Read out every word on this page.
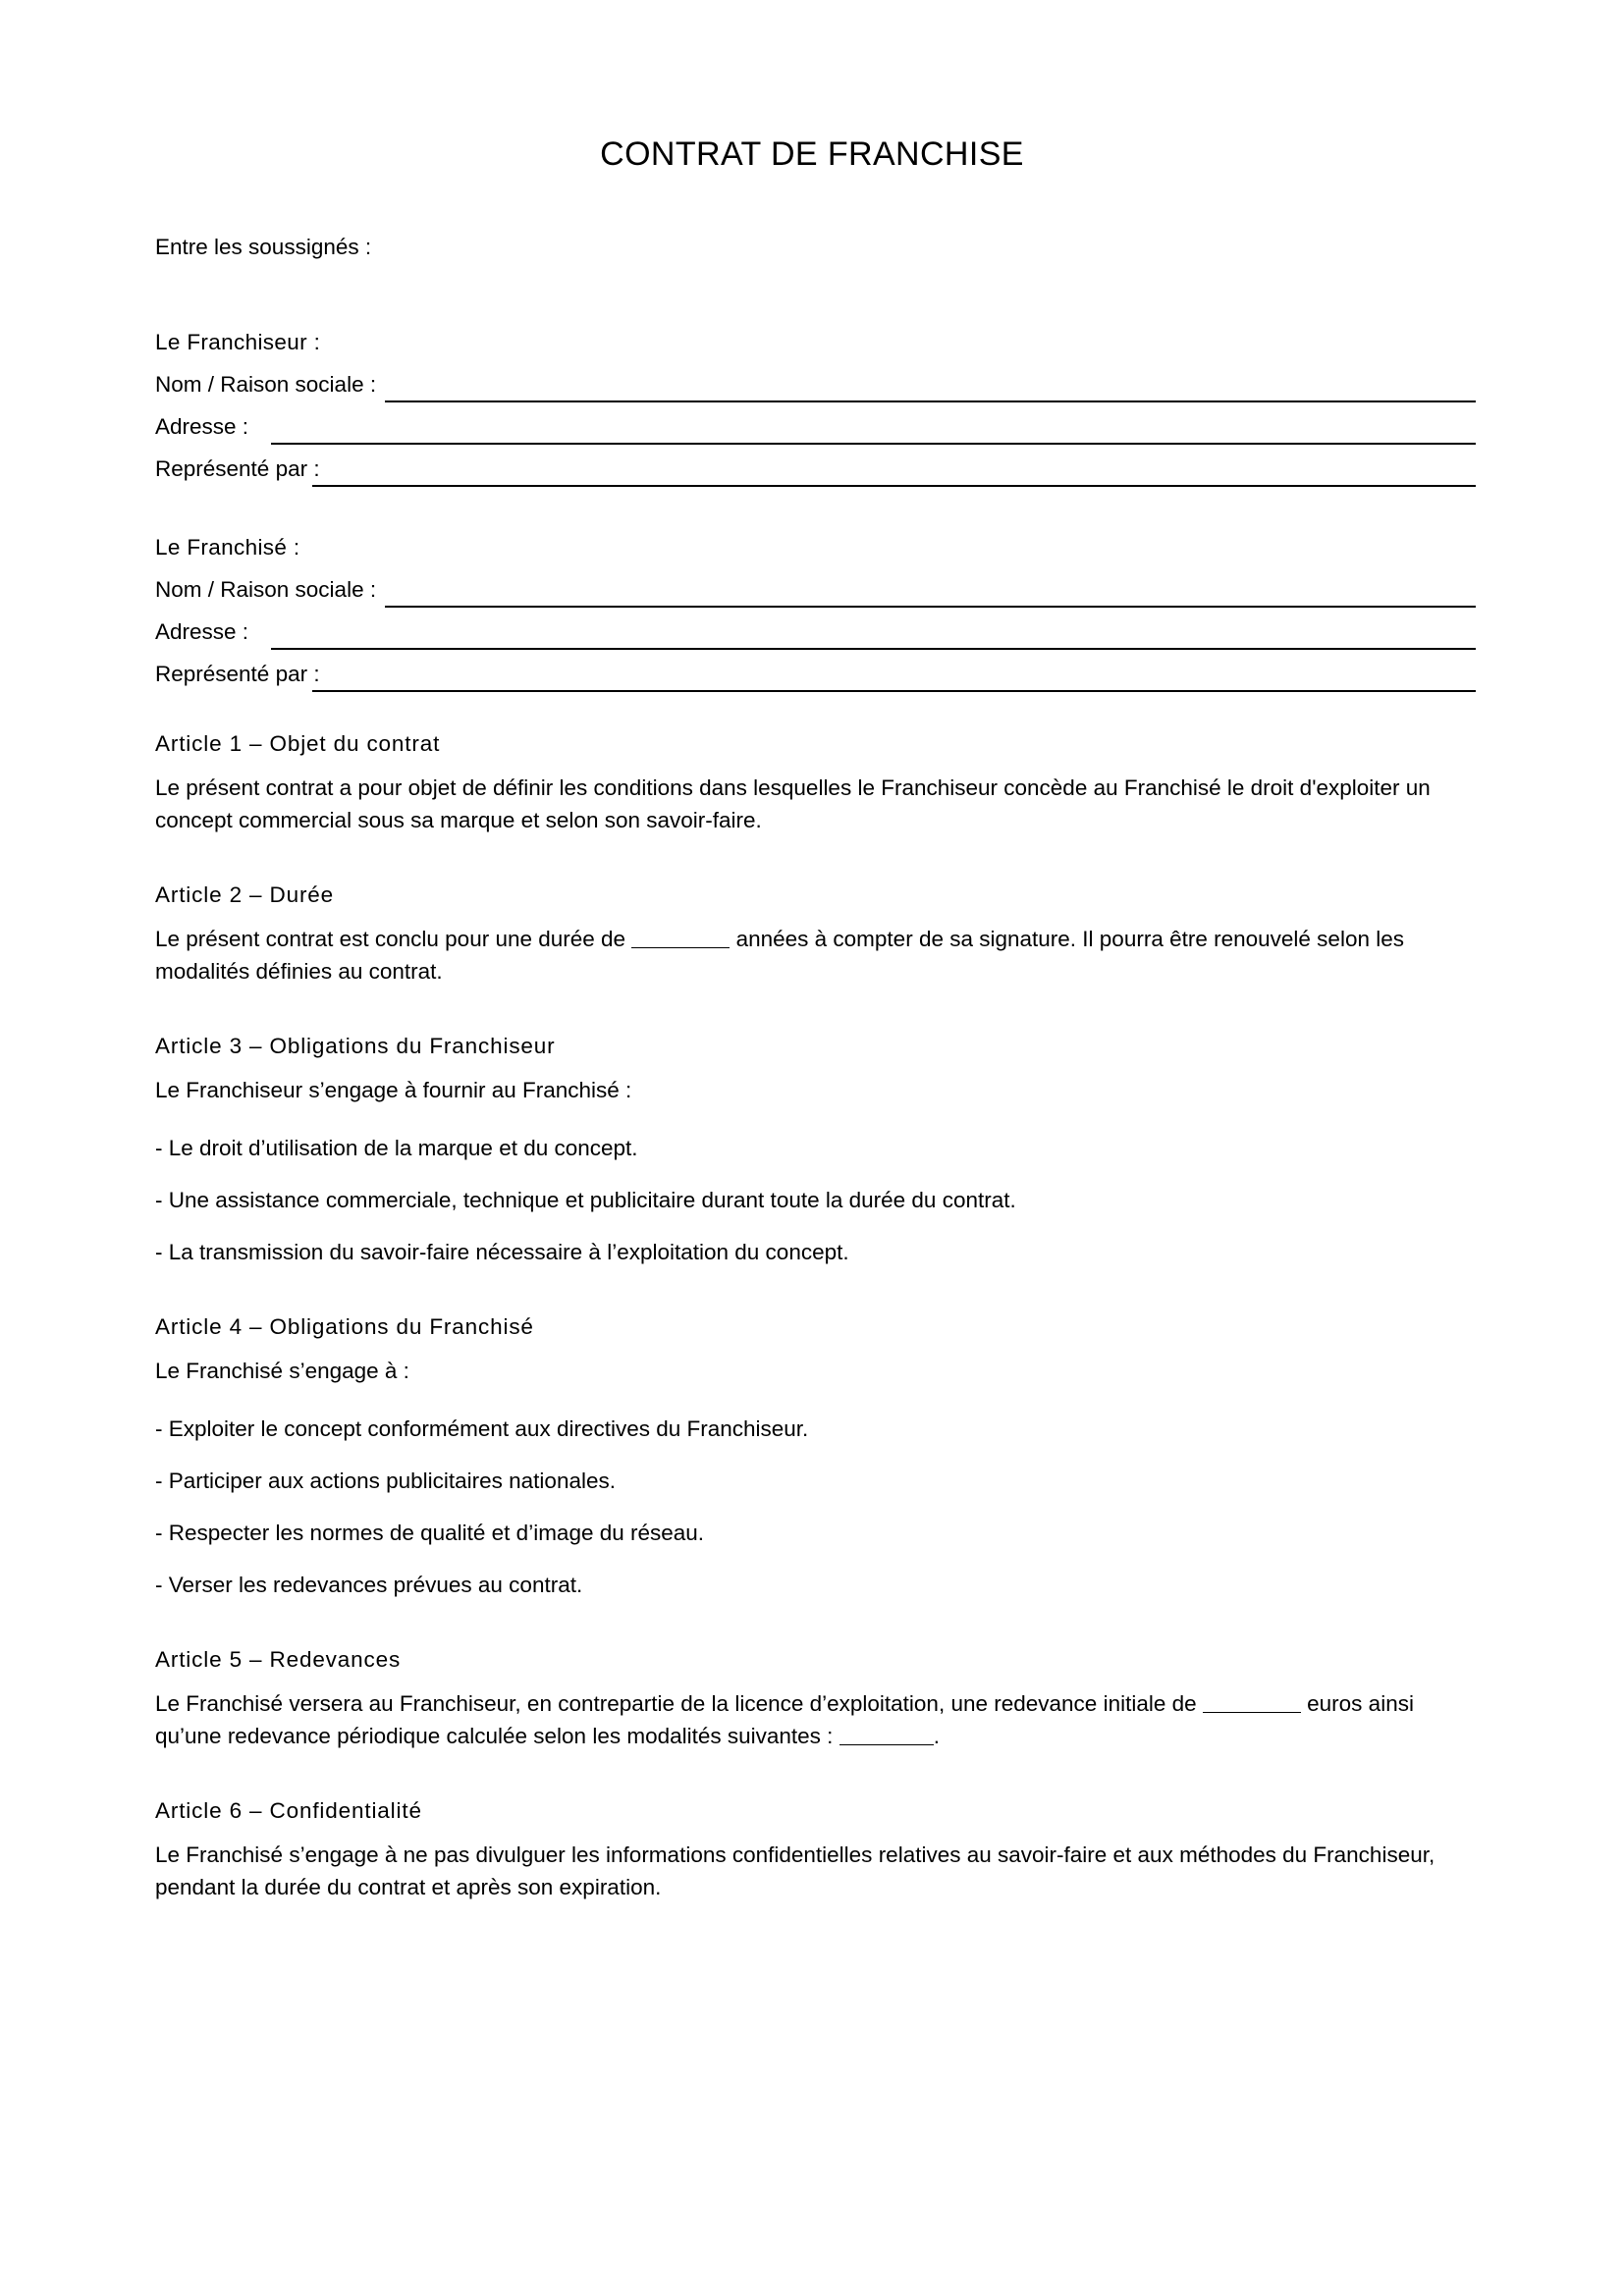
CONTRAT DE FRANCHISE

Entre les soussignés :

Le Franchiseur :
Nom / Raison sociale :
Adresse :
Représenté par :
Le Franchisé :
Nom / Raison sociale :
Adresse :
Représenté par :
Article 1 – Objet du contrat

Le présent contrat a pour objet de définir les conditions dans lesquelles le Franchiseur concède au Franchisé le droit d'exploiter un concept commercial sous sa marque et selon son savoir-faire.

Article 2 – Durée

Le présent contrat est conclu pour une durée de	années à compter de sa signature. Il pourra être renouvelé selon les modalités définies au contrat.

Article 3 – Obligations du Franchiseur

Le Franchiseur s’engage à fournir au Franchisé :

- Le droit d’utilisation de la marque et du concept.

- Une assistance commerciale, technique et publicitaire durant toute la durée du contrat.

- La transmission du savoir-faire nécessaire à l’exploitation du concept.

Article 4 – Obligations du Franchisé

Le Franchisé s’engage à :

- Exploiter le concept conformément aux directives du Franchiseur.

- Participer aux actions publicitaires nationales.

- Respecter les normes de qualité et d’image du réseau.

- Verser les redevances prévues au contrat.

Article 5 – Redevances

Le Franchisé versera au Franchiseur, en contrepartie de la licence d’exploitation, une redevance initiale de	euros ainsi qu’une redevance périodique calculée selon les modalités suivantes :	.

Article 6 – Confidentialité

Le Franchisé s’engage à ne pas divulguer les informations confidentielles relatives au savoir-faire et aux méthodes du Franchiseur, pendant la durée du contrat et après son expiration.
